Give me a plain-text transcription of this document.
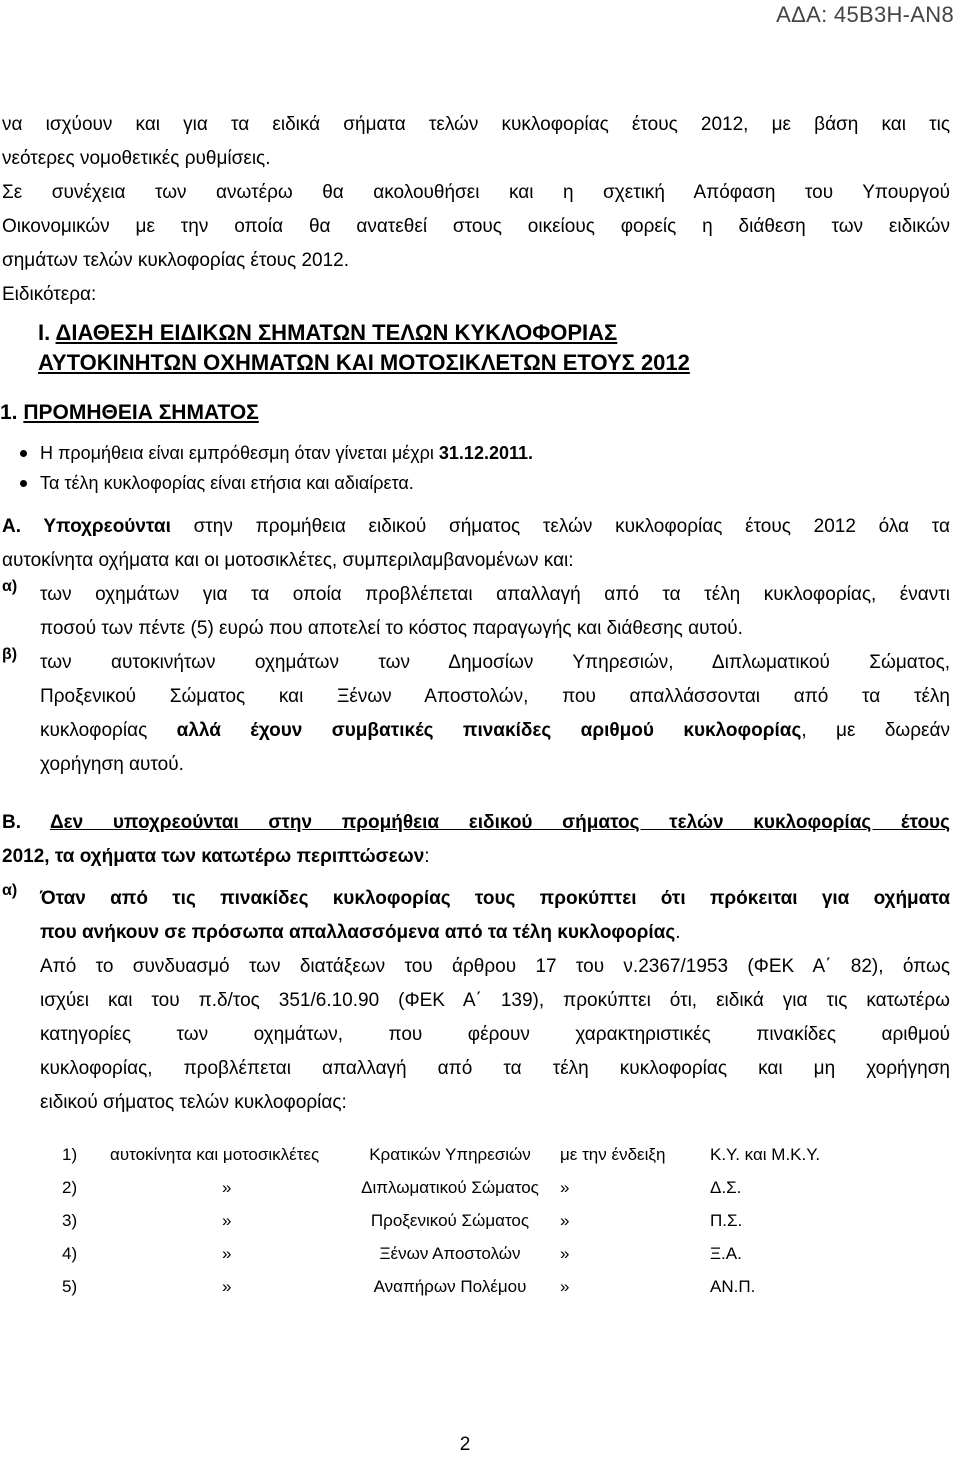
ΑΔΑ: 45Β3Η-ΑΝ8

να ισχύουν και για τα ειδικά σήματα τελών κυκλοφορίας έτους 2012, με βάση και τις

νεότερες νομοθετικές ρυθμίσεις.

Σε συνέχεια των ανωτέρω θα ακολουθήσει και η σχετική Απόφαση του Υπουργού

Οικονομικών με την οποία θα ανατεθεί στους οικείους φορείς η διάθεση των ειδικών

σημάτων τελών κυκλοφορίας έτους 2012.

Ειδικότερα:

Ι. ΔΙΑΘΕΣΗ ΕΙΔΙΚΩΝ ΣΗΜΑΤΩΝ ΤΕΛΩΝ ΚΥΚΛΟΦΟΡΙΑΣ
ΑΥΤΟΚΙΝΗΤΩΝ ΟΧΗΜΑΤΩΝ ΚΑΙ ΜΟΤΟΣΙΚΛΕΤΩΝ ΕΤΟΥΣ 2012
1. ΠΡΟΜΗΘΕΙΑ ΣΗΜΑΤΟΣ
Η προμήθεια είναι εμπρόθεσμη όταν γίνεται μέχρι 31.12.2011.
Τα τέλη κυκλοφορίας είναι ετήσια και αδιαίρετα.

Α. Υποχρεούνται στην προμήθεια ειδικού σήματος τελών κυκλοφορίας έτους 2012 όλα τα

αυτοκίνητα οχήματα και οι μοτοσικλέτες, συμπεριλαμβανομένων και:

α) των οχημάτων για τα οποία προβλέπεται απαλλαγή από τα τέλη κυκλοφορίας, έναντι

ποσού των πέντε (5) ευρώ που αποτελεί το κόστος παραγωγής και διάθεσης αυτού.

β) των αυτοκινήτων οχημάτων των Δημοσίων Υπηρεσιών, Διπλωματικού Σώματος,

Προξενικού Σώματος και Ξένων Αποστολών, που απαλλάσσονται από τα τέλη

κυκλοφορίας αλλά έχουν συμβατικές πινακίδες αριθμού κυκλοφορίας, με δωρεάν

χορήγηση αυτού.

Β. Δεν υποχρεούνται στην προμήθεια ειδικού σήματος τελών κυκλοφορίας έτους

2012, τα οχήματα των κατωτέρω περιπτώσεων:

α) Όταν από τις πινακίδες κυκλοφορίας τους προκύπτει ότι πρόκειται για οχήματα

που ανήκουν σε πρόσωπα απαλλασσόμενα από τα τέλη κυκλοφορίας.

Από το συνδυασμό των διατάξεων του άρθρου 17 του ν.2367/1953 (ΦΕΚ Α΄ 82), όπως

ισχύει και του π.δ/τος 351/6.10.90 (ΦΕΚ Α΄ 139), προκύπτει ότι, ειδικά για τις κατωτέρω

κατηγορίες των οχημάτων, που φέρουν χαρακτηριστικές πινακίδες αριθμού

κυκλοφορίας, προβλέπεται απαλλαγή από τα τέλη κυκλοφορίας και μη χορήγηση

ειδικού σήματος τελών κυκλοφορίας:

1)	αυτοκίνητα και μοτοσικλέτες	Κρατικών Υπηρεσιών	με την ένδειξη	Κ.Υ. και Μ.Κ.Υ.
2)	»	Διπλωματικού Σώματος	»	Δ.Σ.
3)	»	Προξενικού Σώματος	»	Π.Σ.
4)	»	Ξένων Αποστολών	»	Ξ.Α.
5)	»	Αναπήρων Πολέμου	»	ΑΝ.Π.
2
